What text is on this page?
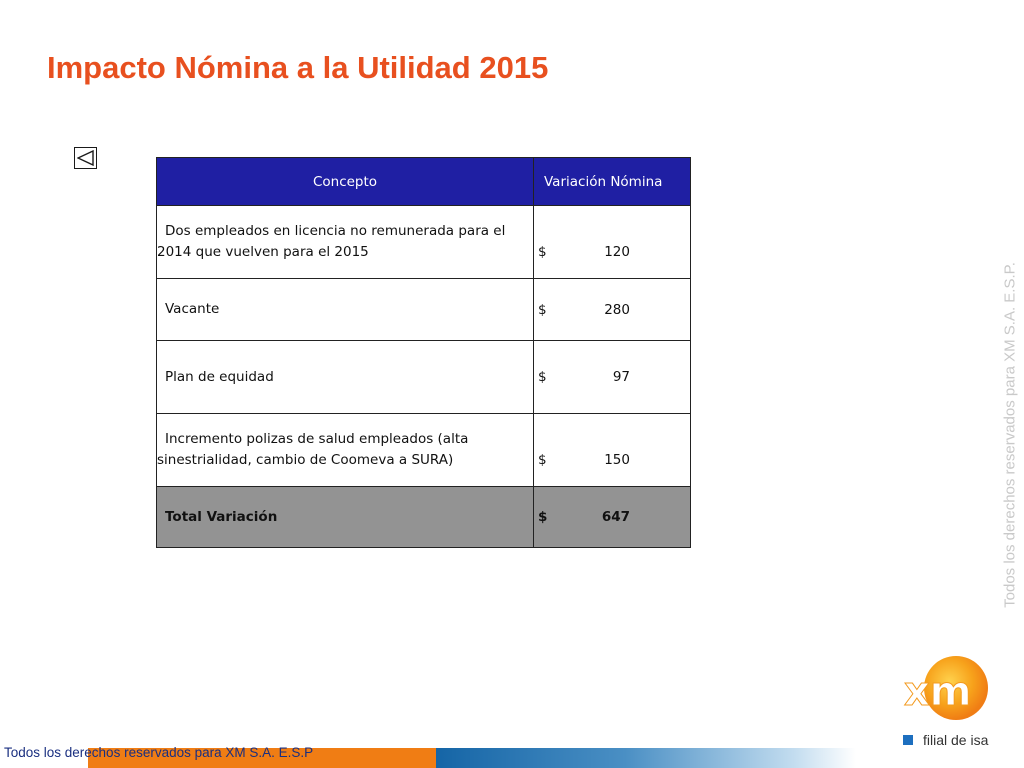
Impacto Nómina a la Utilidad 2015
Concepto	Variación Nómina

Dos empleados en licencia no remunerada para el 2014 que vuelven para el 2015	$ 120

Vacante	$ 280

Plan de equidad	$ 97

Incremento polizas de salud empleados (alta sinestrialidad, cambio de Coomeva a SURA)	$ 150

Total Variación	$ 647	Todos los derechos reservados para XM S.A. E.S.P.
xm
filial de isa
Todos los derechos reservados para XM S.A. E.S.P
